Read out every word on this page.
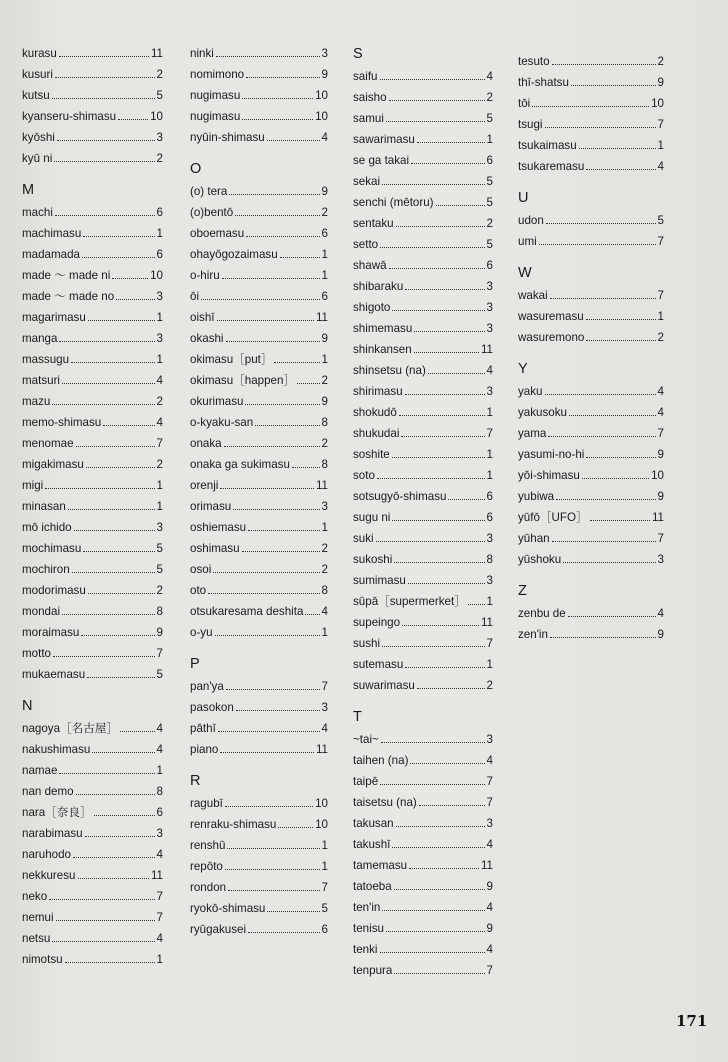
kurasu	11
kusuri	2
kutsu	5
kyanseru-shimasu	10
kyōshi	3
kyū ni	2
M
machi	6
machimasu	1
madamada	6
made ～ made ni	10
made ～ made no	3
magarimasu	1
manga	3
massugu	1
matsuri	4
mazu	2
memo-shimasu	4
menomae	7
migakimasu	2
migi	1
minasan	1
mō ichido	3
mochimasu	5
mochiron	5
modorimasu	2
mondai	8
moraimasu	9
motto	7
mukaemasu	5
N
nagoya［名古屋］	4
nakushimasu	4
namae	1
nan demo	8
nara［奈良］	6
narabimasu	3
naruhodo	4
nekkuresu	11
neko	7
nemui	7
netsu	4
nimotsu	1
ninki	3
nomimono	9
nugimasu	10
nugimasu	10
nyūin-shimasu	4
O
(o) tera	9
(o)bentō	2
oboemasu	6
ohayōgozaimasu	1
o-hiru	1
ōi	6
oishī	11
okashi	9
okimasu［put］	1
okimasu［happen］ 2
okurimasu	9
o-kyaku-san	8
onaka	2
onaka ga sukimasu	8
orenji	11
orimasu	3
oshiemasu	1
oshimasu	2
osoi	2
oto	8
otsukaresama deshita 4
o-yu	1
P
pan'ya	7
pasokon	3
pāthī	4
piano	11
R
ragubī	10
renraku-shimasu	10
renshū	1
repōto	1
rondon	7
ryokō-shimasu	5
ryūgakusei	6
S
saifu	4
saisho	2
samui	5
sawarimasu	1
se ga takai	6
sekai	5
senchi (mētoru)	5
sentaku	2
setto	5
shawā	6
shibaraku	3
shigoto	3
shimemasu	3
shinkansen	11
shinsetsu (na)	4
shirimasu	3
shokudō	1
shukudai	7
soshite	1
soto	1
sotsugyō-shimasu	6
sugu ni	6
suki	3
sukoshi	8
sumimasu	3
sūpā［supermerket］ 1
supeingo	11
sushi	7
sutemasu	1
suwarimasu	2
T
~tai~	3
taihen (na)	4
taipē	7
taisetsu (na)	7
takusan	3
takushī	4
tamemasu	11
tatoeba	9
ten'in	4
tenisu	9
tenki	4
tenpura	7
tesuto	2
thī-shatsu	9
tōi	10
tsugi	7
tsukaimasu	1
tsukaremasu	4
U
udon	5
umi	7
W
wakai	7
wasuremasu	1
wasuremono	2
Y
yaku	4
yakusoku	4
yama	7
yasumi-no-hi	9
yōi-shimasu	10
yubiwa	9
yūfō［UFO］	11
yūhan	7
yūshoku	3
Z
zenbu de	4
zen'in	9
171
